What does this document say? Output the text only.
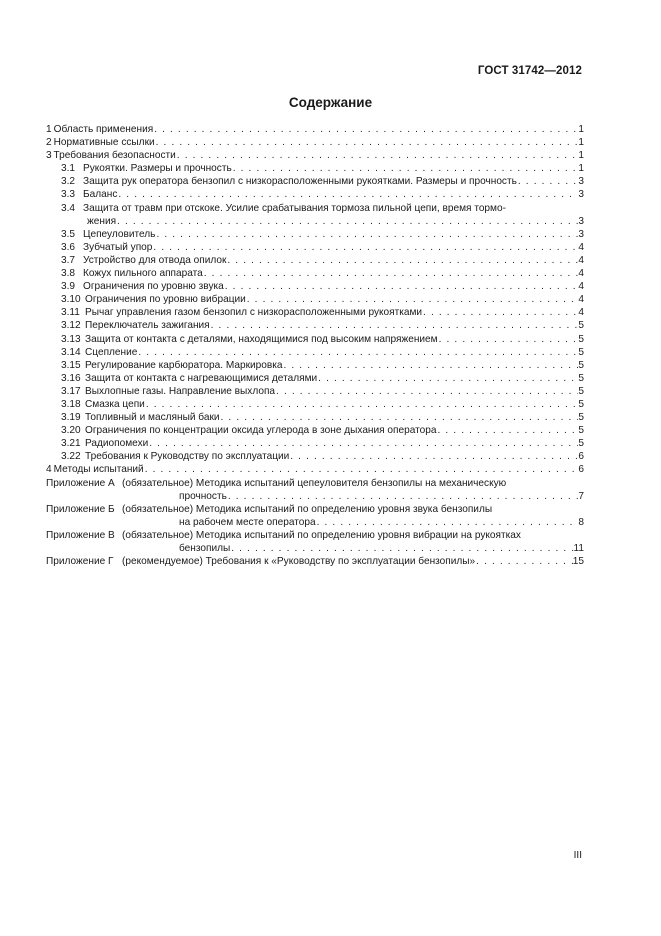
ГОСТ 31742—2012
Содержание
1 Область применения . . .	1
2 Нормативные ссылки . . .	1
3 Требования безопасности . . .	1
3.1 Рукоятки. Размеры и прочность . . .	1
3.2 Защита рук оператора бензопил с низкорасположенными рукоятками. Размеры и прочность . . .	3
3.3 Баланс . . .	3
3.4 Защита от травм при отскоке. Усилие срабатывания тормоза пильной цепи, время тормо-
жения . . .	3
3.5 Цепеуловитель . . .	3
3.6 Зубчатый упор . . .	4
3.7 Устройство для отвода опилок . . .	4
3.8 Кожух пильного аппарата . . .	4
3.9 Ограничения по уровню звука . . .	4
3.10 Ограничения по уровню вибрации . . .	4
3.11 Рычаг управления газом бензопил с низкорасположенными рукоятками . . .	4
3.12 Переключатель зажигания . . .	5
3.13 Защита от контакта с деталями, находящимися под высоким напряжением . . .	5
3.14 Сцепление . . .	5
3.15 Регулирование карбюратора. Маркировка . . .	5
3.16 Защита от контакта с нагревающимися деталями . . .	5
3.17 Выхлопные газы. Направление выхлопа . . .	5
3.18 Смазка цепи . . .	5
3.19 Топливный и масляный баки . . .	5
3.20 Ограничения по концентрации оксида углерода в зоне дыхания оператора . . .	5
3.21 Радиопомехи . . .	5
3.22 Требования к Руководству по эксплуатации . . .	6
4 Методы испытаний . . .	6
Приложение А (обязательное) Методика испытаний цепеуловителя бензопилы на механическую
прочность . . .	7
Приложение Б (обязательное) Методика испытаний по определению уровня звука бензопилы
на рабочем месте оператора . . .	8
Приложение В (обязательное) Методика испытаний по определению уровня вибрации на рукоятках
бензопилы . . .	11
Приложение Г (рекомендуемое) Требования к «Руководству по эксплуатации бензопилы» . . .	15
III
